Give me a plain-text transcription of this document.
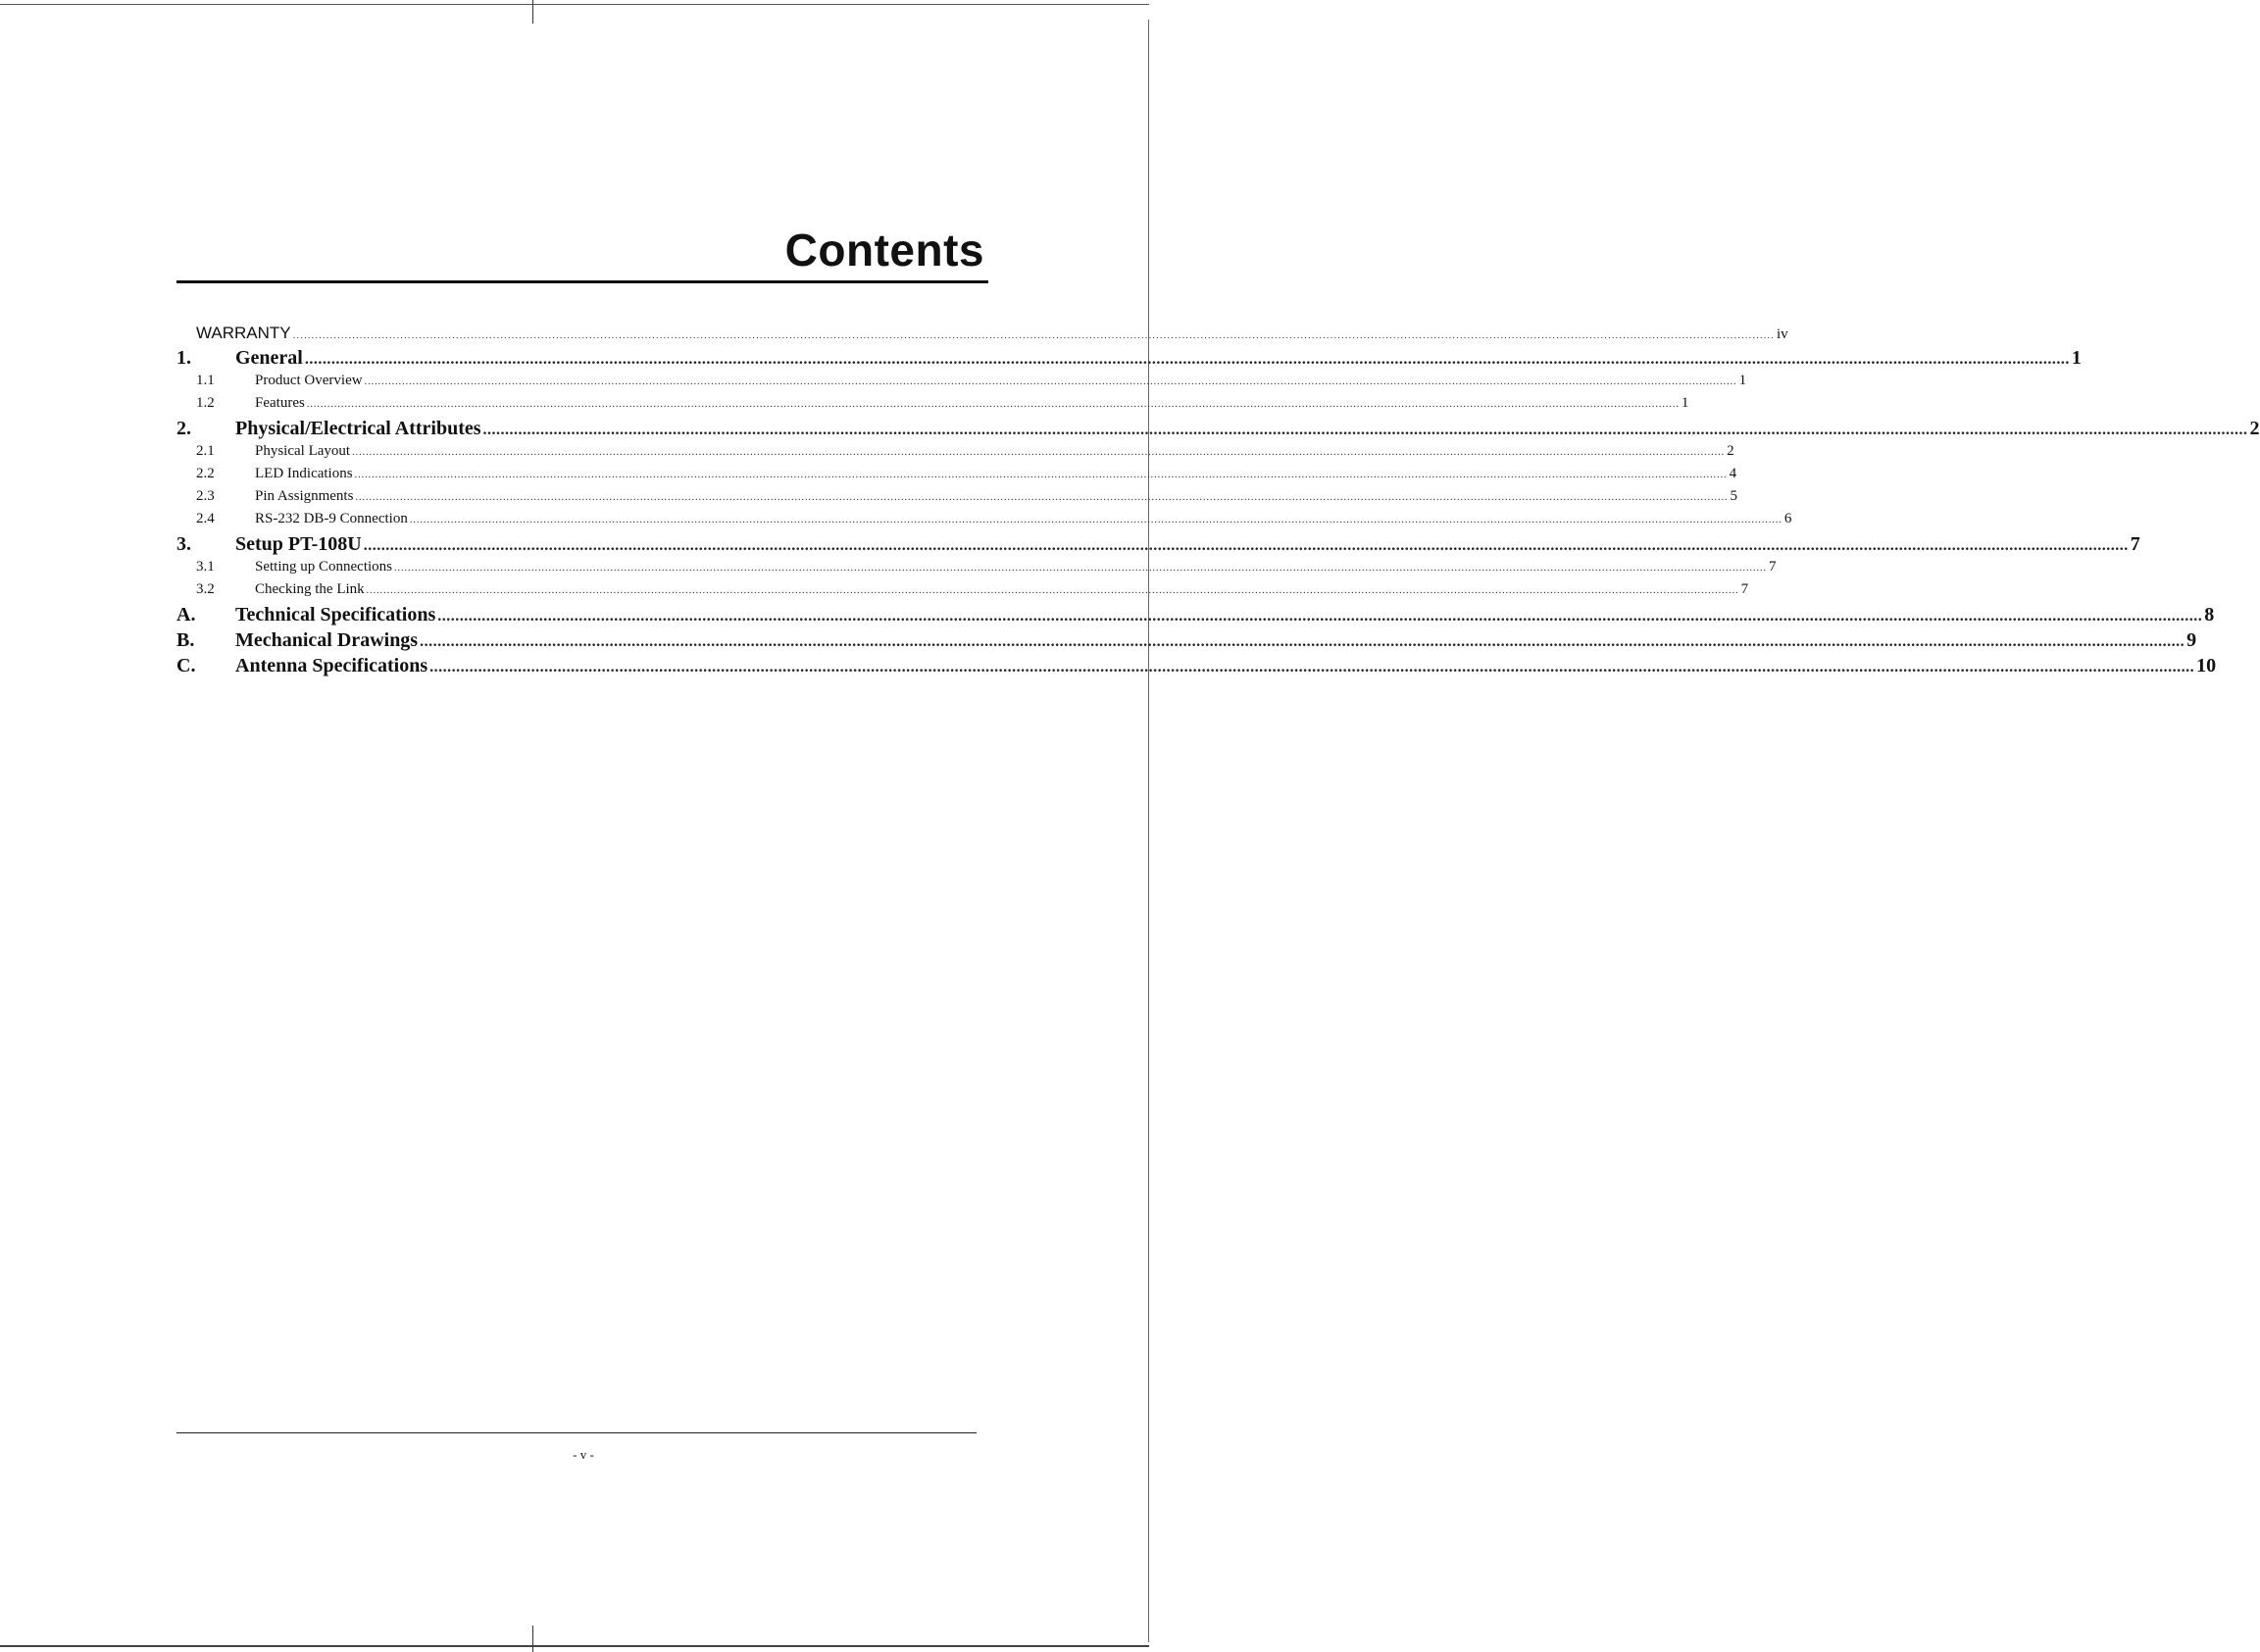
Contents
WARRANTY ................................................................................................................................................................................................................................................................................................................................................................................................................ iv
1.	General ................................................................................................................................................................................................................................................................................................................................................................................................................ 1
1.1	Product Overview ................................................................................................................................................................................................................................................................................................................................................................................................................ 1
1.2	Features ................................................................................................................................................................................................................................................................................................................................................................................................................ 1
2.	Physical/Electrical Attributes ................................................................................................................................................................................................................................................................................................................................................................................................................ 2
2.1	Physical Layout ................................................................................................................................................................................................................................................................................................................................................................................................................ 2
2.2	LED Indications ................................................................................................................................................................................................................................................................................................................................................................................................................ 4
2.3	Pin Assignments ................................................................................................................................................................................................................................................................................................................................................................................................................ 5
2.4	RS-232 DB-9 Connection ................................................................................................................................................................................................................................................................................................................................................................................................................ 6
3.	Setup PT-108U ................................................................................................................................................................................................................................................................................................................................................................................................................ 7
3.1	Setting up Connections ................................................................................................................................................................................................................................................................................................................................................................................................................ 7
3.2	Checking the Link ................................................................................................................................................................................................................................................................................................................................................................................................................ 7
A.	Technical Specifications ................................................................................................................................................................................................................................................................................................................................................................................................................ 8
B.	Mechanical Drawings ................................................................................................................................................................................................................................................................................................................................................................................................................ 9
C.	Antenna Specifications ................................................................................................................................................................................................................................................................................................................................................................................................................ 10
- v -
